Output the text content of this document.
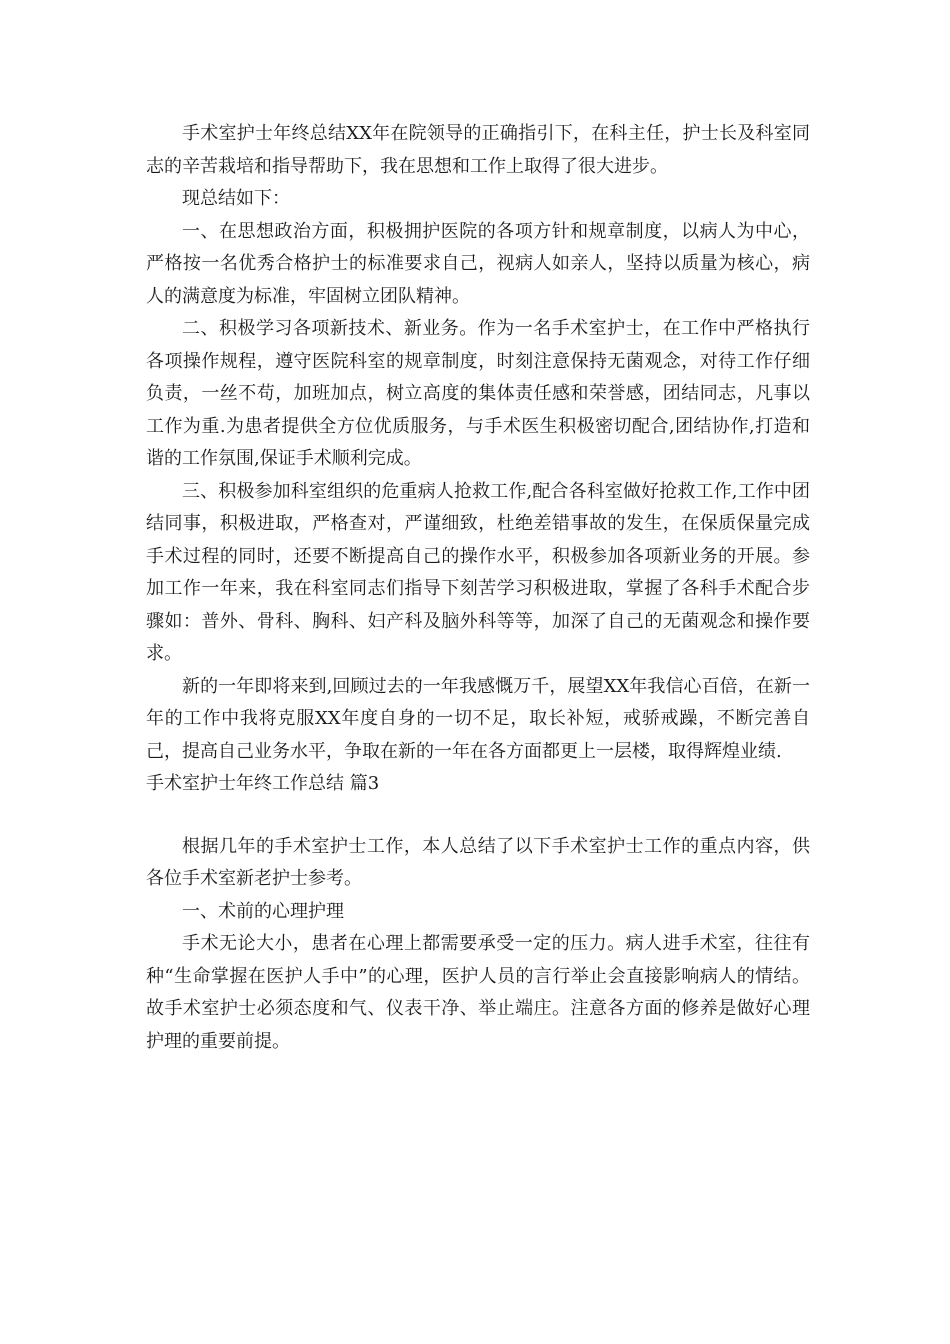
手术室护士年终总结XX年在院领导的正确指引下，在科主任，护士长及科室同志的辛苦栽培和指导帮助下，我在思想和工作上取得了很大进步。

现总结如下：

一、在思想政治方面，积极拥护医院的各项方针和规章制度，以病人为中心，严格按一名优秀合格护士的标准要求自己，视病人如亲人，坚持以质量为核心，病人的满意度为标准，牢固树立团队精神。

二、积极学习各项新技术、新业务。作为一名手术室护士，在工作中严格执行各项操作规程，遵守医院科室的规章制度，时刻注意保持无菌观念，对待工作仔细负责，一丝不苟，加班加点，树立高度的集体责任感和荣誉感，团结同志，凡事以工作为重.为患者提供全方位优质服务，与手术医生积极密切配合,团结协作,打造和谐的工作氛围,保证手术顺利完成。

三、积极参加科室组织的危重病人抢救工作,配合各科室做好抢救工作,工作中团结同事，积极进取，严格查对，严谨细致，杜绝差错事故的发生，在保质保量完成手术过程的同时，还要不断提高自己的操作水平，积极参加各项新业务的开展。参加工作一年来，我在科室同志们指导下刻苦学习积极进取，掌握了各科手术配合步骤如：普外、骨科、胸科、妇产科及脑外科等等，加深了自己的无菌观念和操作要求。

新的一年即将来到,回顾过去的一年我感慨万千，展望XX年我信心百倍，在新一年的工作中我将克服XX年度自身的一切不足，取长补短，戒骄戒躁，不断完善自己，提高自己业务水平，争取在新的一年在各方面都更上一层楼，取得辉煌业绩.

手术室护士年终工作总结 篇3

根据几年的手术室护士工作，本人总结了以下手术室护士工作的重点内容，供各位手术室新老护士参考。

一、术前的心理护理

手术无论大小，患者在心理上都需要承受一定的压力。病人进手术室，往往有种“生命掌握在医护人手中”的心理，医护人员的言行举止会直接影响病人的情结。故手术室护士必须态度和气、仪表干净、举止端庄。注意各方面的修养是做好心理护理的重要前提。
